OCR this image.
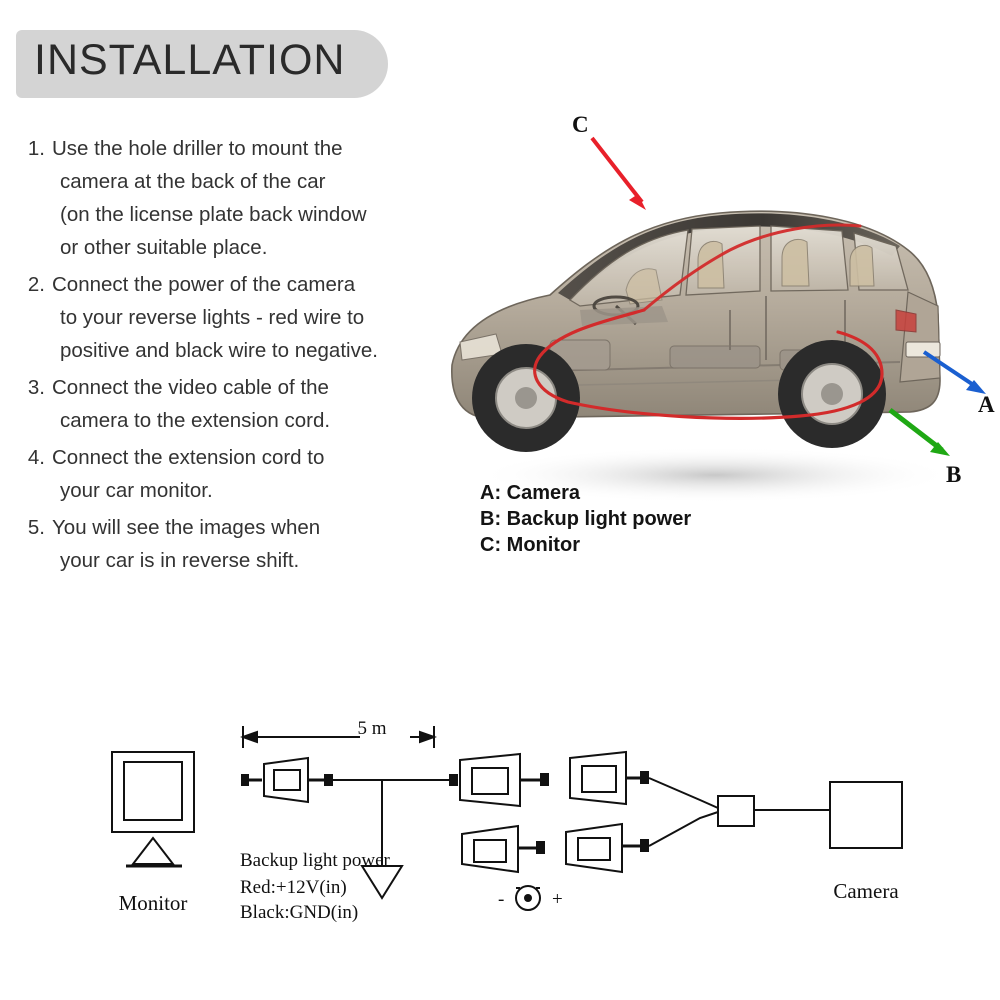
INSTALLATION
1. Use the hole driller to mount the
camera at the back of the car
(on the license plate back window
or other suitable place.
2. Connect the power of the camera
to your reverse lights - red wire to
positive and black wire to negative.
3. Connect the video cable of the
camera to the extension cord.
4. Connect the extension cord to
your car monitor.
5. You will see the images when
your car is in reverse shift.
C
A
B
A: Camera
B: Backup light power
C: Monitor
5 m
Monitor	Camera
Backup light power
Red:+12V(in)
Black:GND(in)
-	+
